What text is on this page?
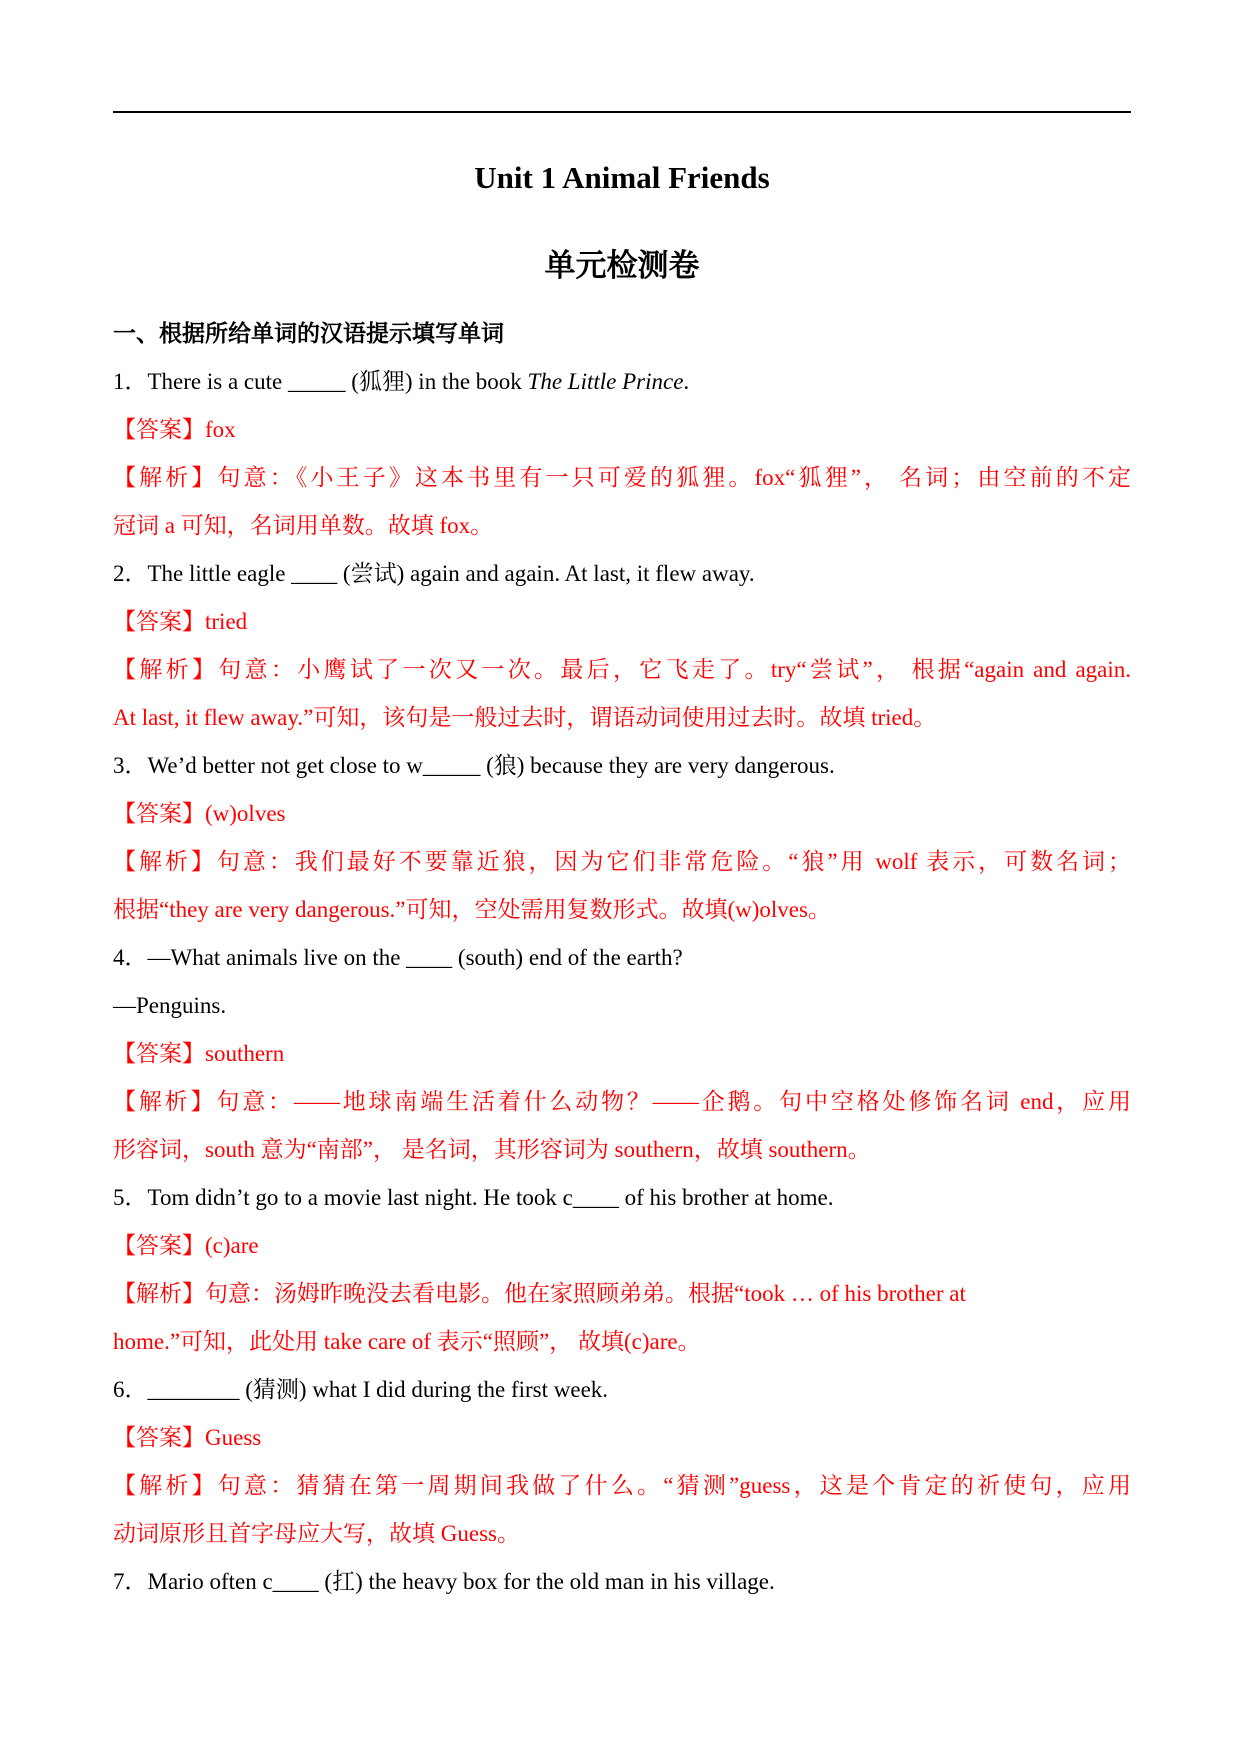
Unit 1 Animal Friends
单元检测卷
一、根据所给单词的汉语提示填写单词
1．There is a cute _____ (狐狸) in the book The Little Prince.
【答案】fox
【解析】句意：《小王子》这本书里有一只可爱的狐狸。fox“狐狸”， 名词；由空前的不定
冠词 a 可知，名词用单数。故填 fox。
2．The little eagle ____ (尝试) again and again. At last, it flew away.
【答案】tried
【解析】句意：小鹰试了一次又一次。最后，它飞走了。try“尝试”， 根据“again and again.
At last, it flew away.”可知，该句是一般过去时，谓语动词使用过去时。故填 tried。
3．We’d better not get close to w_____ (狼) because they are very dangerous.
【答案】(w)olves
【解析】句意：我们最好不要靠近狼，因为它们非常危险。“狼”用 wolf 表示，可数名词；
根据“they are very dangerous.”可知，空处需用复数形式。故填(w)olves。
4．—What animals live on the ____ (south) end of the earth?
—Penguins.
【答案】southern
【解析】句意：——地球南端生活着什么动物？——企鹅。句中空格处修饰名词 end，应用
形容词，south 意为“南部”， 是名词，其形容词为 southern，故填 southern。
5．Tom didn’t go to a movie last night. He took c____ of his brother at home.
【答案】(c)are
【解析】句意：汤姆昨晚没去看电影。他在家照顾弟弟。根据“took … of his brother at
home.”可知，此处用 take care of 表示“照顾”， 故填(c)are。
6．________ (猜测) what I did during the first week.
【答案】Guess
【解析】句意：猜猜在第一周期间我做了什么。“猜测”guess，这是个肯定的祈使句，应用
动词原形且首字母应大写，故填 Guess。
7．Mario often c____ (扛) the heavy box for the old man in his village.
